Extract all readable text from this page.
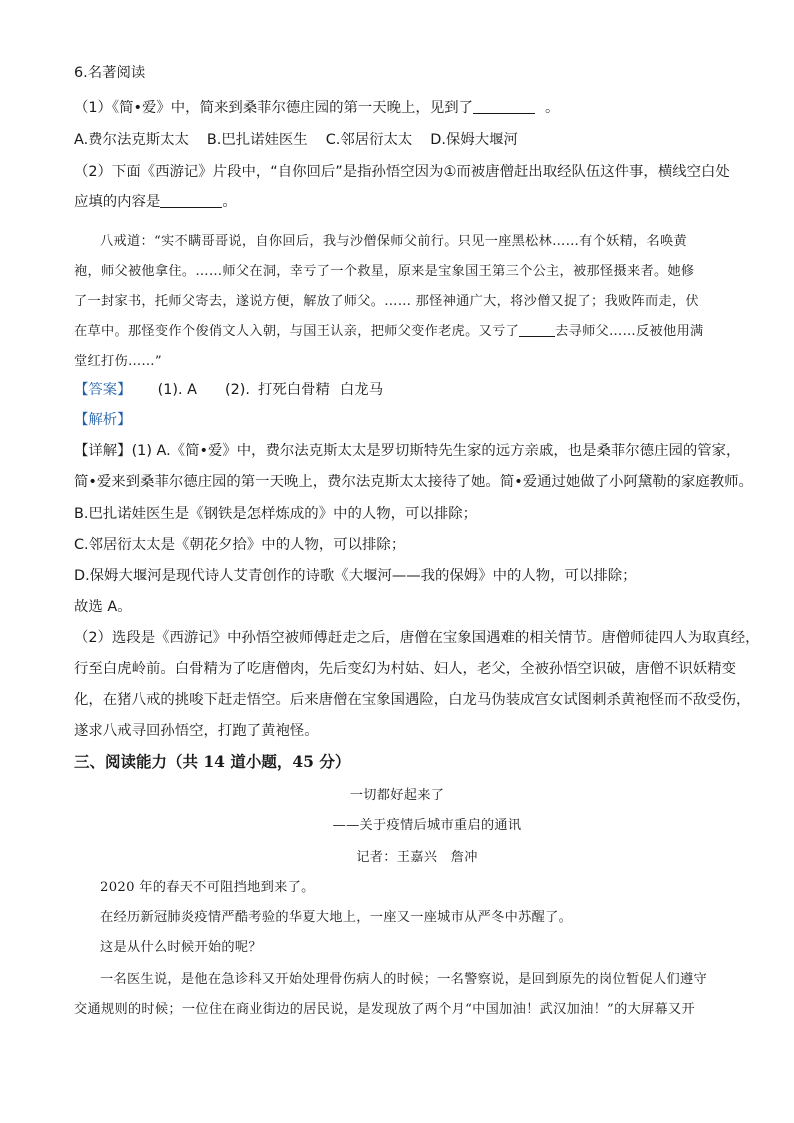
6.名著阅读
（1）《简•爱》中，简来到桑菲尔德庄园的第一天晚上，见到了	。
A.费尔法克斯太太 B.巴扎诺娃医生 C.邻居衍太太 D.保姆大堰河
（2）下面《西游记》片段中，“自你回后”是指孙悟空因为①而被唐僧赶出取经队伍这件事，横线空白处
应填的内容是	。
八戒道：“实不瞒哥哥说，自你回后，我与沙僧保师父前行。只见一座黑松林……有个妖精，名唤黄
袍，师父被他拿住。……师父在洞，幸亏了一个救星，原来是宝象国王第三个公主，被那怪摄来者。她修
了一封家书，托师父寄去，遂说方便，解放了师父。…… 那怪神通广大，将沙僧又捉了；我败阵而走，伏
在草中。那怪变作个俊俏文人入朝，与国王认亲，把师父变作老虎。又亏了	去寻师父……反被他用满
堂红打伤……”
【答案】 (1). A (2). 打死白骨精 白龙马
【解析】
【详解】(1) A.《简•爱》中，费尔法克斯太太是罗切斯特先生家的远方亲戚，也是桑菲尔德庄园的管家，
简•爱来到桑菲尔德庄园的第一天晚上，费尔法克斯太太接待了她。简•爱通过她做了小阿黛勒的家庭教师。
B.巴扎诺娃医生是《钢铁是怎样炼成的》中的人物，可以排除；
C.邻居衍太太是《朝花夕拾》中的人物，可以排除；
D.保姆大堰河是现代诗人艾青创作的诗歌《大堰河——我的保姆》中的人物，可以排除；
故选 A。
（2）选段是《西游记》中孙悟空被师傅赶走之后，唐僧在宝象国遇难的相关情节。唐僧师徒四人为取真经，
行至白虎岭前。白骨精为了吃唐僧肉，先后变幻为村姑、妇人，老父，全被孙悟空识破，唐僧不识妖精变
化，在猪八戒的挑唆下赶走悟空。后来唐僧在宝象国遇险，白龙马伪装成宫女试图刺杀黄袍怪而不敌受伤，
遂求八戒寻回孙悟空，打跑了黄袍怪。
三、阅读能力（共 14 道小题，45 分）
一切都好起来了
——关于疫情后城市重启的通讯
记者：王嘉兴　詹冲
2020 年的春天不可阻挡地到来了。
在经历新冠肺炎疫情严酷考验的华夏大地上，一座又一座城市从严冬中苏醒了。
这是从什么时候开始的呢？
一名医生说，是他在急诊科又开始处理骨伤病人的时候；一名警察说，是回到原先的岗位暂促人们遵守
交通规则的时候；一位住在商业街边的居民说，是发现放了两个月“中国加油！武汉加油！”的大屏幕又开
